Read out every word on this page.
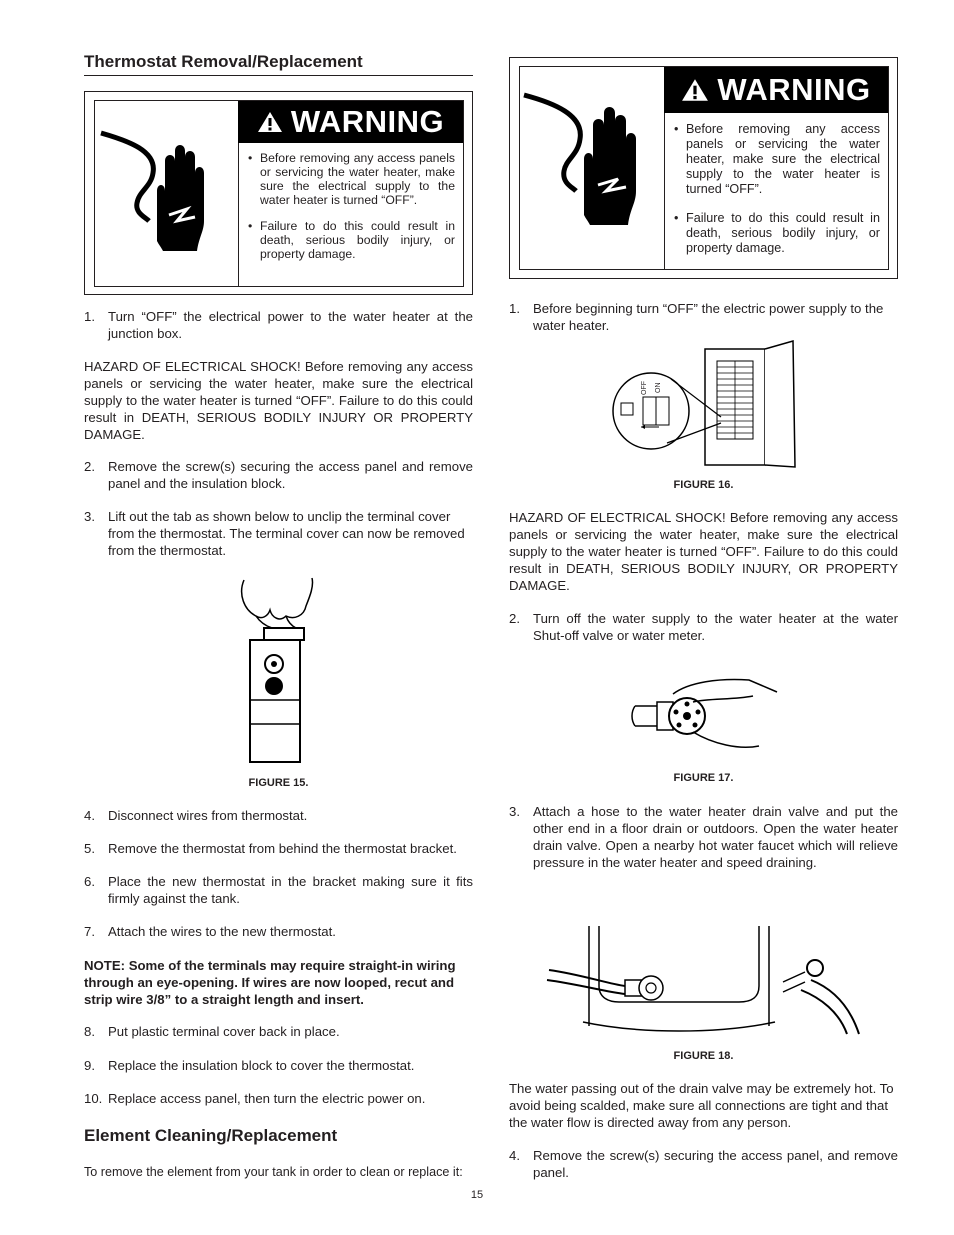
Thermostat Removal/Replacement
WARNING
• Before removing any access panels or servicing the water heater, make sure the electrical supply to the water heater is turned “OFF”.
• Failure to do this could result in death, serious bodily injury, or property damage.
1. Turn “OFF” the electrical power to the water heater at the junction box.
HAZARD OF ELECTRICAL SHOCK! Before removing any access panels or servicing the water heater, make sure the electrical supply to the water heater is turned “OFF”. Failure to do this could result in DEATH, SERIOUS BODILY INJURY OR PROPERTY DAMAGE.
2. Remove the screw(s) securing the access panel and remove panel and the insulation block.
3. Lift out the tab as shown below to unclip the terminal cover from the thermostat. The terminal cover can now be removed from the thermostat.
FIGURE 15.
4. Disconnect wires from thermostat.
5. Remove the thermostat from behind the thermostat bracket.
6. Place the new thermostat in the bracket making sure it fits firmly against the tank.
7. Attach the wires to the new thermostat.
NOTE: Some of the terminals may require straight-in wiring through an eye-opening. If wires are now looped, recut and strip wire 3/8” to a straight length and insert.
8. Put plastic terminal cover back in place.
9. Replace the insulation block to cover the thermostat.
10. Replace access panel, then turn the electric power on.
Element Cleaning/Replacement
To remove the element from your tank in order to clean or replace it:
WARNING
• Before removing any access panels or servicing the water heater, make sure the electrical supply to the water heater is turned “OFF”.
• Failure to do this could result in death, serious bodily injury, or property damage.
1. Before beginning turn “OFF” the electric power supply to the water heater.
OFF ON
FIGURE 16.
HAZARD OF ELECTRICAL SHOCK! Before removing any access panels or servicing the water heater, make sure the electrical supply to the water heater is turned “OFF”. Failure to do this could result in DEATH, SERIOUS BODILY INJURY, OR PROPERTY DAMAGE.
2. Turn off the water supply to the water heater at the water Shut-off valve or water meter.
FIGURE 17.
3. Attach a hose to the water heater drain valve and put the other end in a floor drain or outdoors. Open the water heater drain valve. Open a nearby hot water faucet which will relieve pressure in the water heater and speed draining.
FIGURE 18.
The water passing out of the drain valve may be extremely hot. To avoid being scalded, make sure all connections are tight and that the water flow is directed away from any person.
4. Remove the screw(s) securing the access panel, and remove panel.
15
